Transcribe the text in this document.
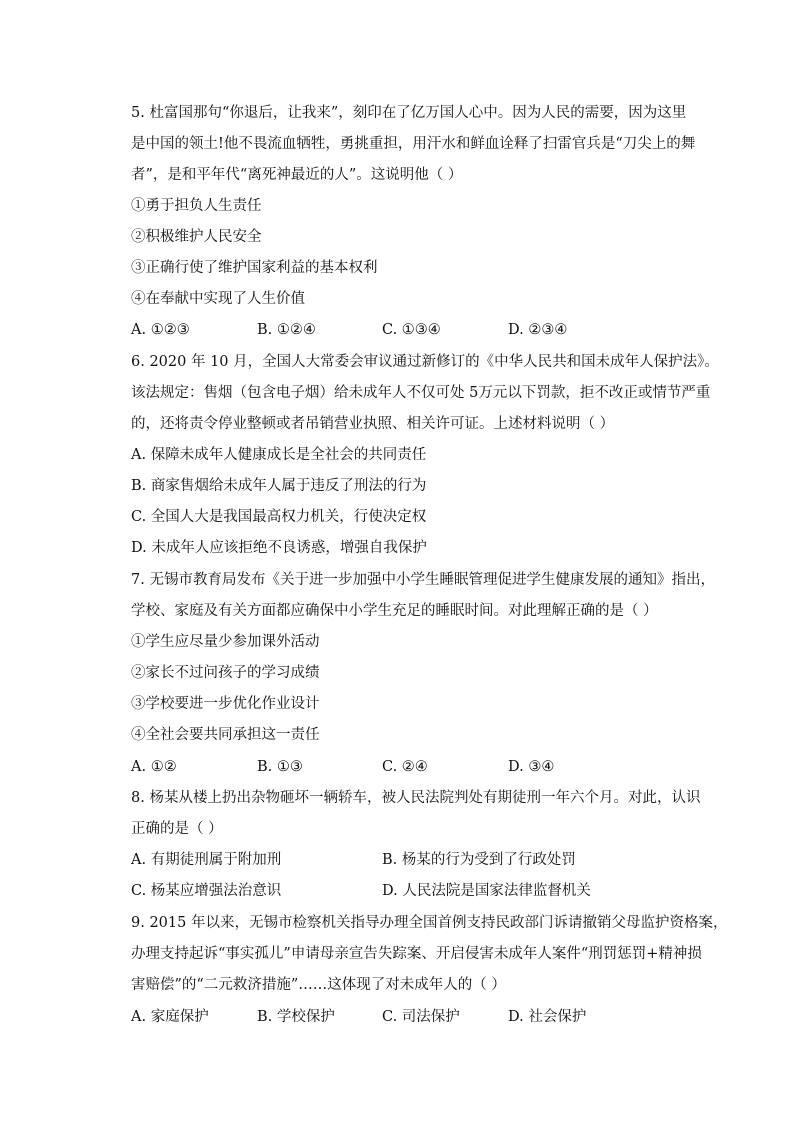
5. 杜富国那句“你退后，让我来”，刻印在了亿万国人心中。因为人民的需要，因为这里
是中国的领土!他不畏流血牺牲，勇挑重担，用汗水和鲜血诠释了扫雷官兵是“刀尖上的舞
者”，是和平年代“离死神最近的人”。这说明他（ ）
①勇于担负人生责任
②积极维护人民安全
③正确行使了维护国家利益的基本权利
④在奉献中实现了人生价值
A. ①②③	B. ①②④	C. ①③④	D. ②③④
6. 2020 年 10 月，全国人大常委会审议通过新修订的《中华人民共和国未成年人保护法》。
该法规定：售烟（包含电子烟）给未成年人不仅可处 5万元以下罚款，拒不改正或情节严重
的，还将责令停业整顿或者吊销营业执照、相关许可证。上述材料说明（ ）
A. 保障未成年人健康成长是全社会的共同责任
B. 商家售烟给未成年人属于违反了刑法的行为
C. 全国人大是我国最高权力机关，行使决定权
D. 未成年人应该拒绝不良诱惑，增强自我保护
7. 无锡市教育局发布《关于进一步加强中小学生睡眠管理促进学生健康发展的通知》指出，
学校、家庭及有关方面都应确保中小学生充足的睡眠时间。对此理解正确的是（ ）
①学生应尽量少参加课外活动
②家长不过问孩子的学习成绩
③学校要进一步优化作业设计
④全社会要共同承担这一责任
A. ①②	B. ①③	C. ②④	D. ③④
8. 杨某从楼上扔出杂物砸坏一辆轿车，被人民法院判处有期徒刑一年六个月。对此，认识
正确的是（ ）
A. 有期徒刑属于附加刑	B. 杨某的行为受到了行政处罚
C. 杨某应增强法治意识	D. 人民法院是国家法律监督机关
9. 2015 年以来，无锡市检察机关指导办理全国首例支持民政部门诉请撤销父母监护资格案，
办理支持起诉“事实孤儿”申请母亲宣告失踪案、开启侵害未成年人案件“刑罚惩罚+精神损
害赔偿”的“二元救济措施”……这体现了对未成年人的（ ）
A. 家庭保护	B. 学校保护	C. 司法保护	D. 社会保护
